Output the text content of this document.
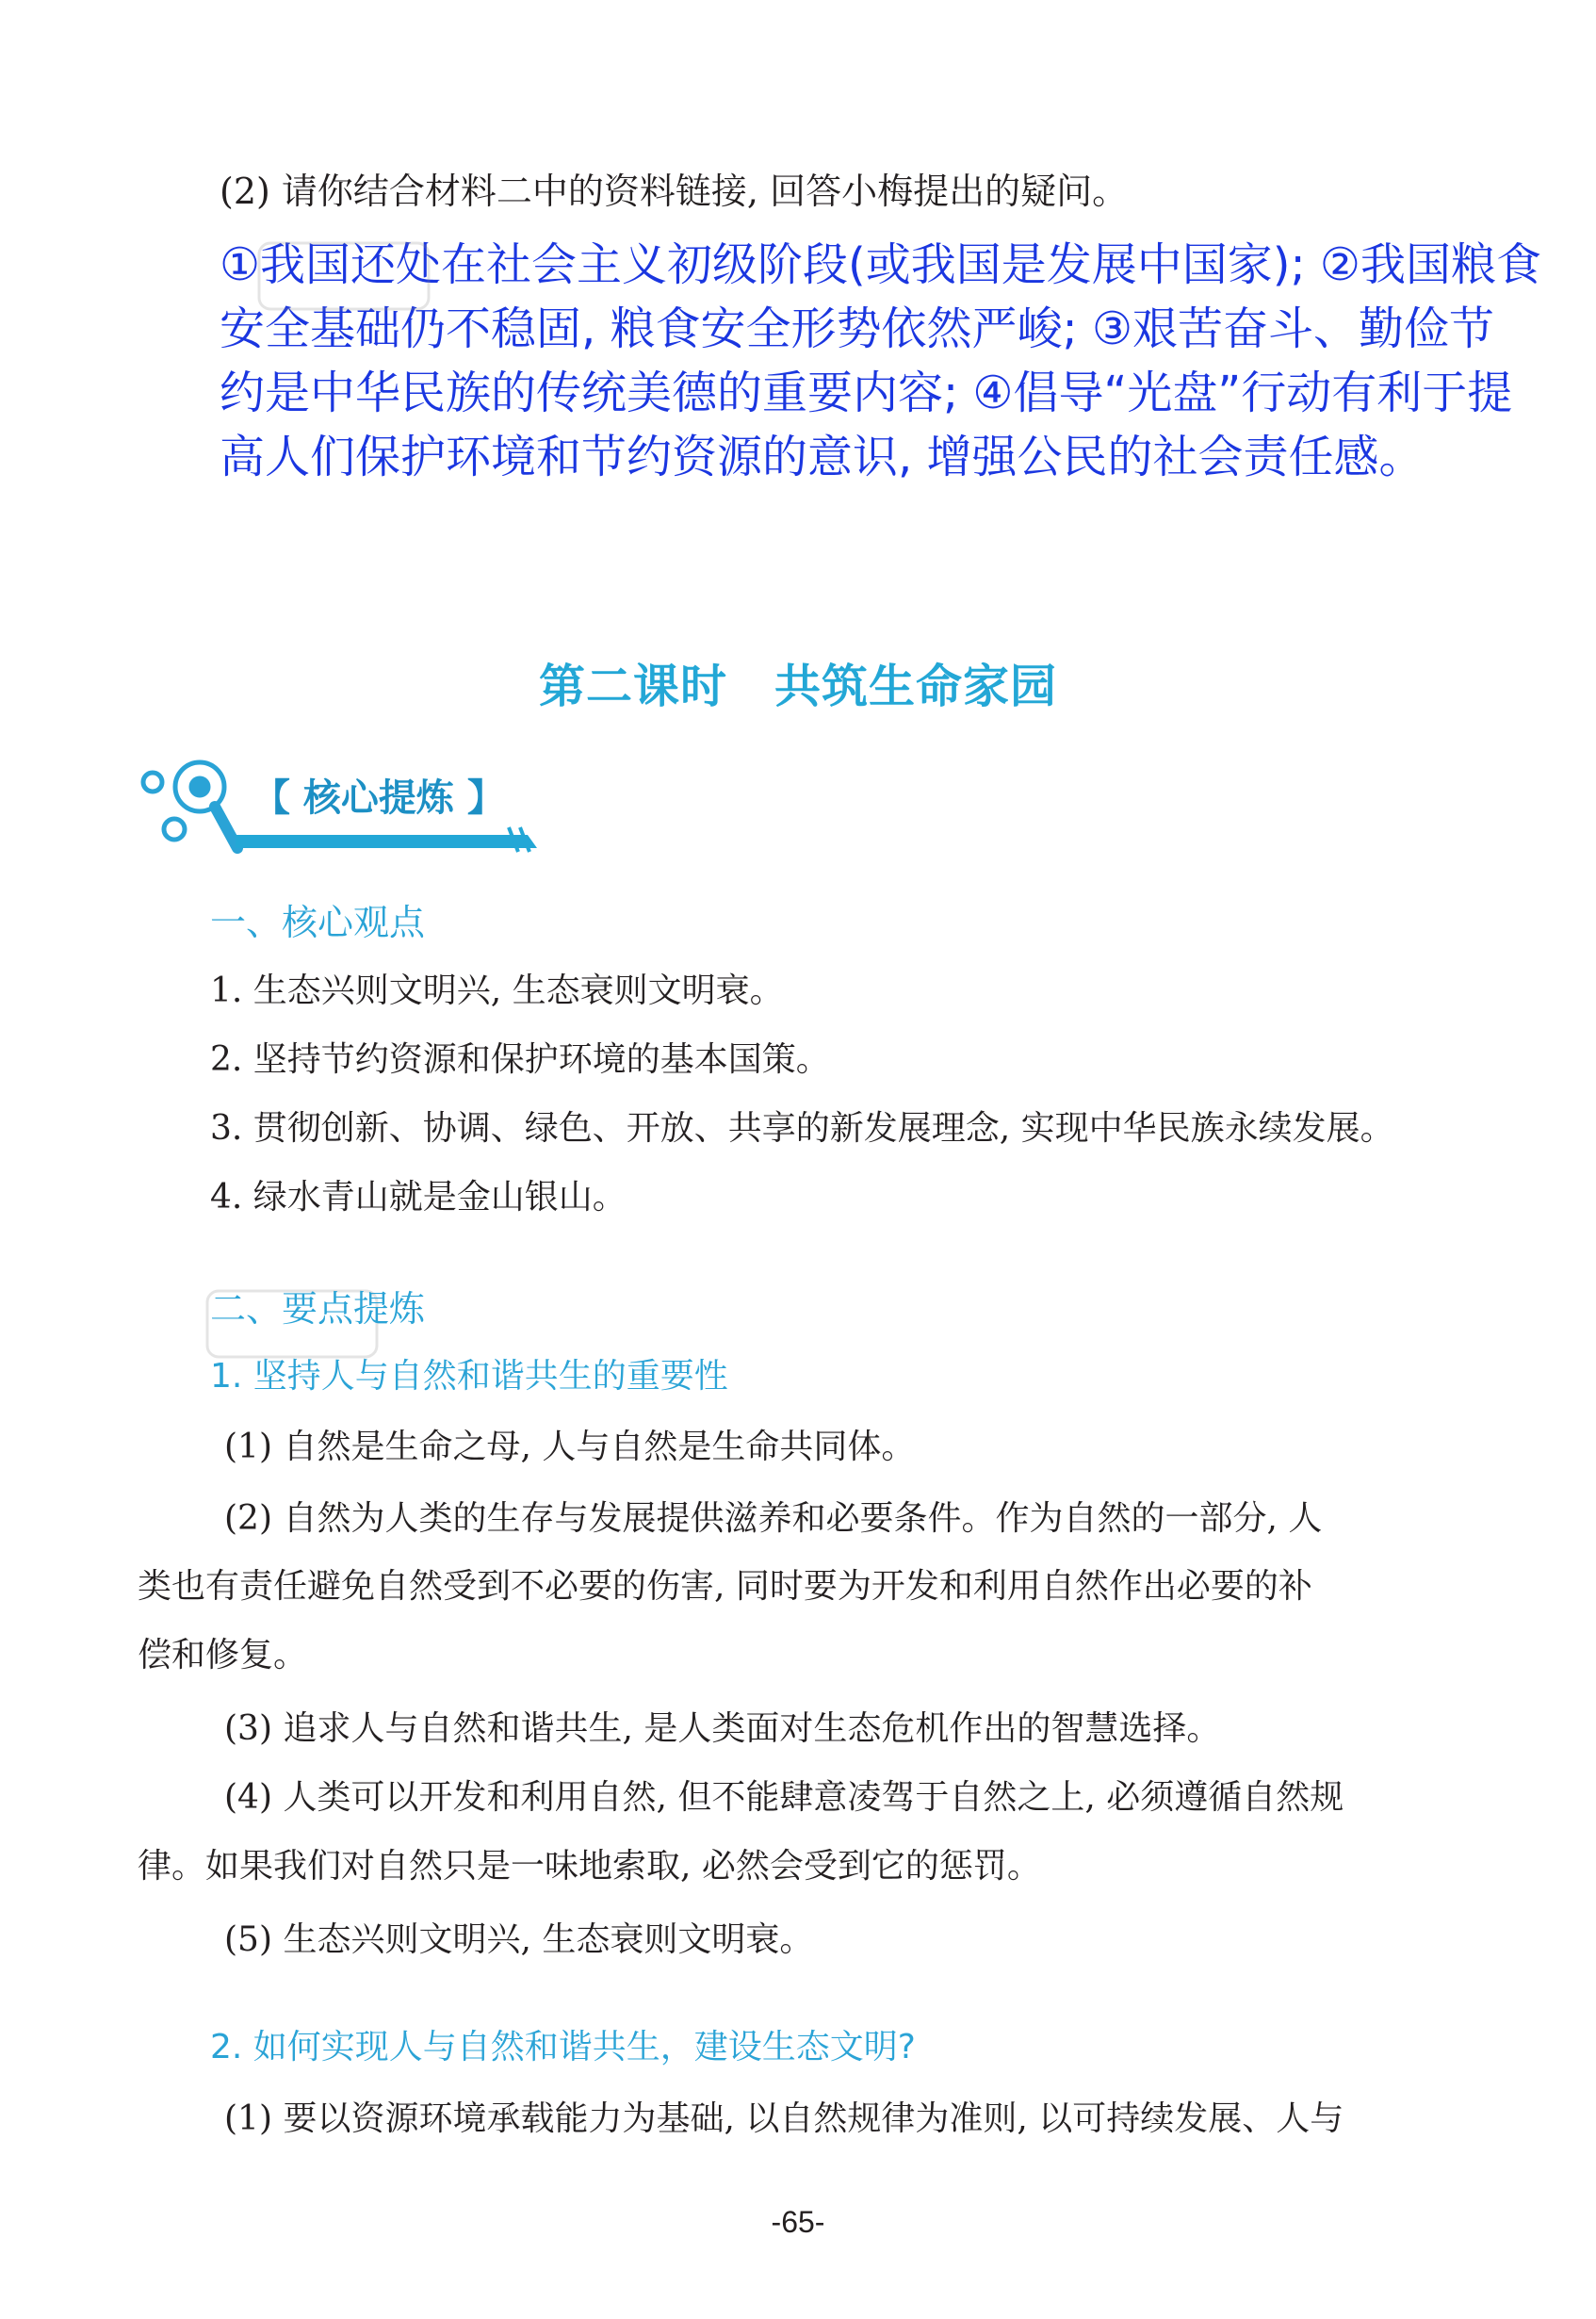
(2) 请你结合材料二中的资料链接, 回答小梅提出的疑问。
①我国还处在社会主义初级阶段(或我国是发展中国家); ②我国粮食
安全基础仍不稳固, 粮食安全形势依然严峻; ③艰苦奋斗、勤俭节
约是中华民族的传统美德的重要内容; ④倡导“光盘”行动有利于提
高人们保护环境和节约资源的意识, 增强公民的社会责任感。
第二课时　共筑生命家园
【 核心提炼 】
一、核心观点
1. 生态兴则文明兴, 生态衰则文明衰。
2. 坚持节约资源和保护环境的基本国策。
3. 贯彻创新、协调、绿色、开放、共享的新发展理念, 实现中华民族永续发展。
4. 绿水青山就是金山银山。
二、要点提炼
1. 坚持人与自然和谐共生的重要性
(1) 自然是生命之母, 人与自然是生命共同体。
(2) 自然为人类的生存与发展提供滋养和必要条件。作为自然的一部分, 人
类也有责任避免自然受到不必要的伤害, 同时要为开发和利用自然作出必要的补
偿和修复。
(3) 追求人与自然和谐共生, 是人类面对生态危机作出的智慧选择。
(4) 人类可以开发和利用自然, 但不能肆意凌驾于自然之上, 必须遵循自然规
律。如果我们对自然只是一味地索取, 必然会受到它的惩罚。
(5) 生态兴则文明兴, 生态衰则文明衰。
2. 如何实现人与自然和谐共生，建设生态文明?
(1) 要以资源环境承载能力为基础, 以自然规律为准则, 以可持续发展、人与
-65-
